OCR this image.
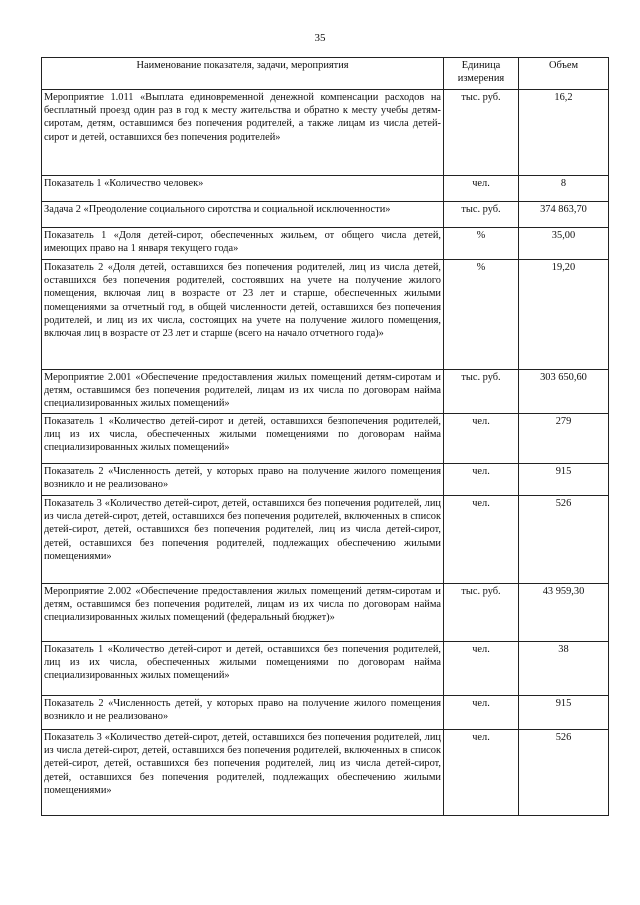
35
Наименование показателя, задачи, мероприятия	Единица измерения	Объем
Мероприятие 1.011 «Выплата единовременной денежной компенсации расходов на бесплатный проезд один раз в год к месту жительства и обратно к месту учебы детям-сиротам, детям, оставшимся без попечения родителей, а также лицам из числа детей-сирот и детей, оставшихся без попечения родителей»	тыс. руб.	16,2
Показатель 1 «Количество человек»	чел.	8
Задача 2 «Преодоление социального сиротства и социальной исключенности»	тыс. руб.	374 863,70
Показатель 1 «Доля детей-сирот, обеспеченных жильем, от общего числа детей, имеющих право на 1 января текущего года»	%	35,00
Показатель 2 «Доля детей, оставшихся без попечения родителей, лиц из числа детей, оставшихся без попечения родителей, состоявших на учете на получение жилого помещения, включая лиц в возрасте от 23 лет и старше, обеспеченных жилыми помещениями за отчетный год, в общей численности детей, оставшихся без попечения родителей, и лиц из их числа, состоящих на учете на получение жилого помещения, включая лиц в возрасте от 23 лет и старше (всего на начало отчетного года)»	%	19,20
Мероприятие 2.001 «Обеспечение предоставления жилых помещений детям-сиротам и детям, оставшимся без попечения родителей, лицам из их числа по договорам найма специализированных жилых помещений»	тыс. руб.	303 650,60
Показатель 1 «Количество детей-сирот и детей, оставшихся безпопечения родителей, лиц из их числа, обеспеченных жилыми помещениями по договорам найма специализированных жилых помещений»	чел.	279
Показатель 2 «Численность детей, у которых право на получение жилого помещения возникло и не реализовано»	чел.	915
Показатель 3 «Количество детей-сирот, детей, оставшихся без попечения родителей, лиц из числа детей-сирот, детей, оставшихся без попечения родителей, включенных в список детей-сирот, детей, оставшихся без попечения родителей, лиц из числа детей-сирот, детей, оставшихся без попечения родителей, подлежащих обеспечению жилыми помещениями»	чел.	526
Мероприятие 2.002 «Обеспечение предоставления жилых помещений детям-сиротам и детям, оставшимся без попечения родителей, лицам из их числа по договорам найма специализированных жилых помещений (федеральный бюджет)»	тыс. руб.	43 959,30
Показатель 1 «Количество детей-сирот и детей, оставшихся без попечения родителей, лиц из их числа, обеспеченных жилыми помещениями по договорам найма специализированных жилых помещений»	чел.	38
Показатель 2 «Численность детей, у которых право на получение жилого помещения возникло и не реализовано»	чел.	915
Показатель 3 «Количество детей-сирот, детей, оставшихся без попечения родителей, лиц из числа детей-сирот, детей, оставшихся без попечения родителей, включенных в список детей-сирот, детей, оставшихся без попечения родителей, лиц из числа детей-сирот, детей, оставшихся без попечения родителей, подлежащих обеспечению жилыми помещениями»	чел.	526
